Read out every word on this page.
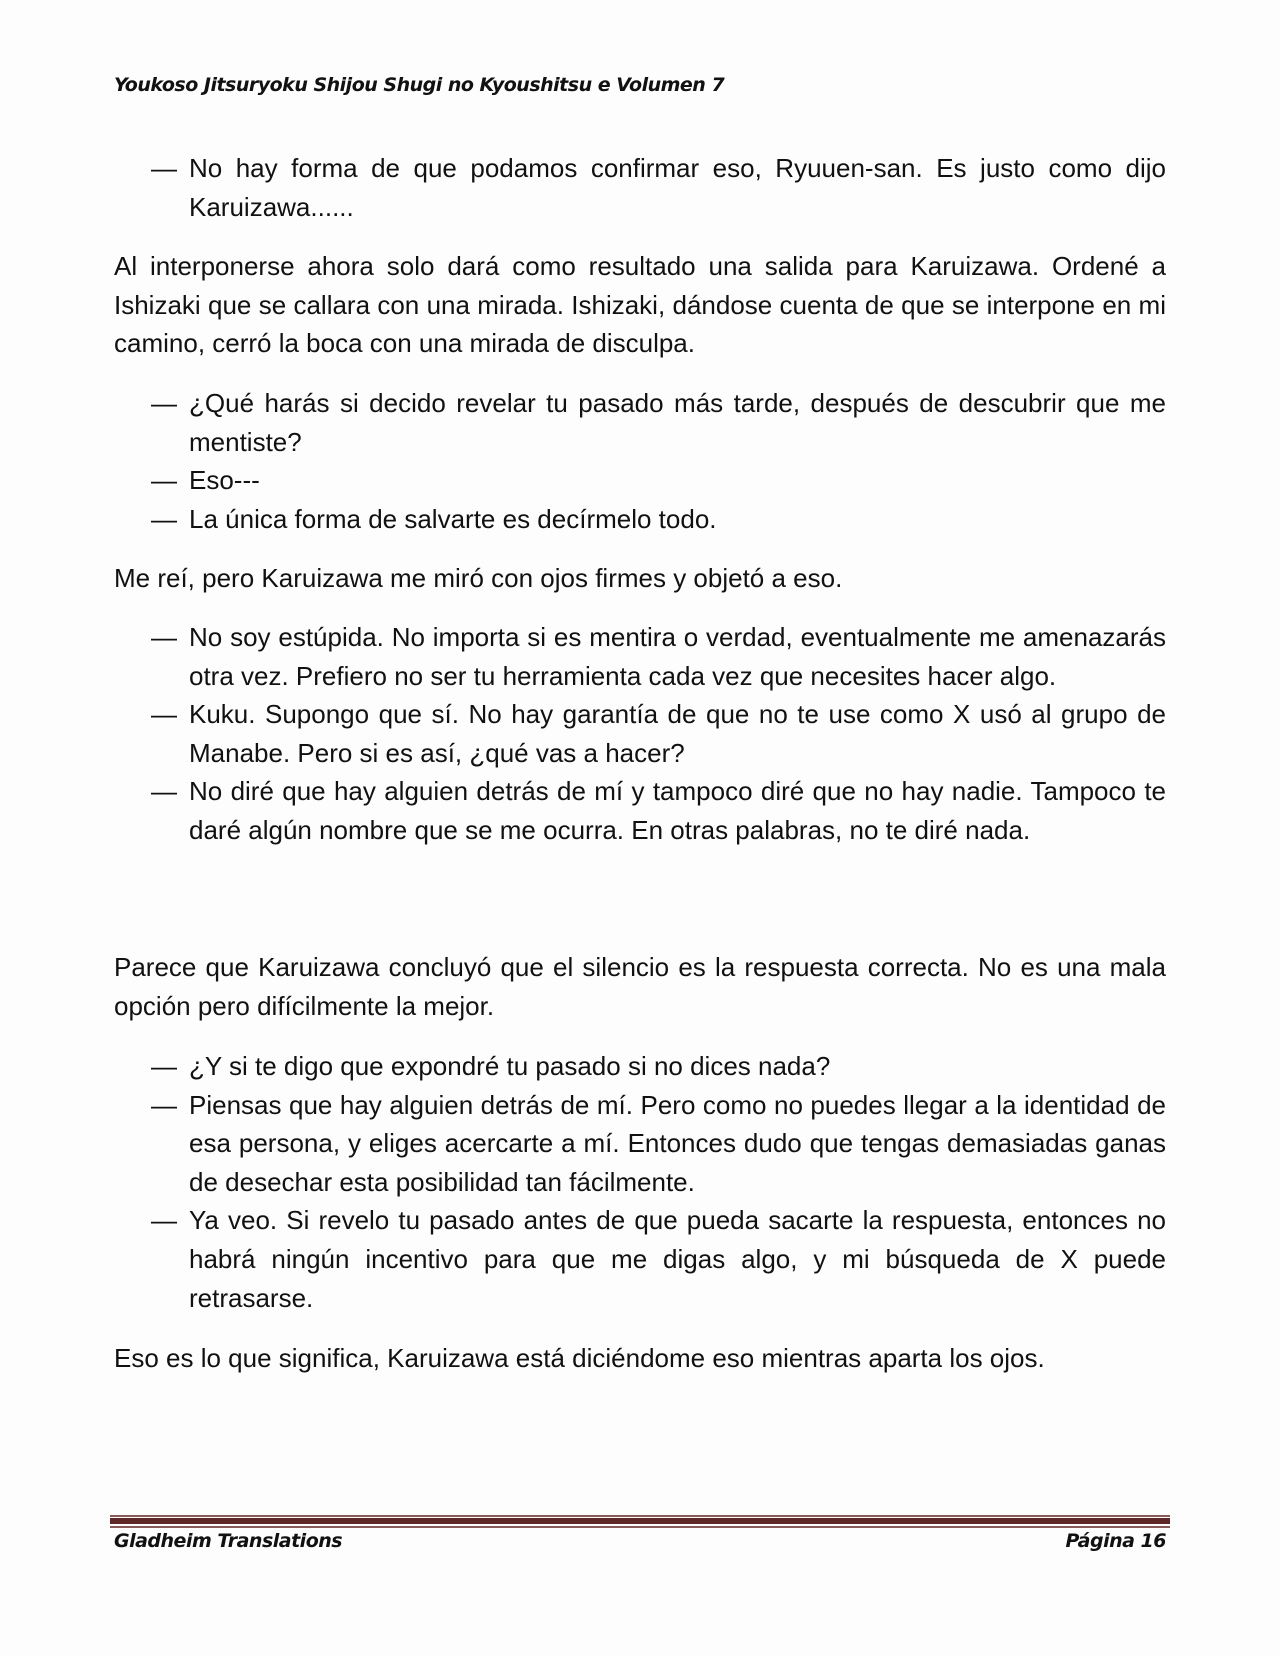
Youkoso Jitsuryoku Shijou Shugi no Kyoushitsu e Volumen 7

— No hay forma de que podamos confirmar eso, Ryuuen-san. Es justo como dijo Karuizawa......

Al interponerse ahora solo dará como resultado una salida para Karuizawa. Ordené a Ishizaki que se callara con una mirada. Ishizaki, dándose cuenta de que se interpone en mi camino, cerró la boca con una mirada de disculpa.

— ¿Qué harás si decido revelar tu pasado más tarde, después de descubrir que me mentiste?

— Eso---

— La única forma de salvarte es decírmelo todo.

Me reí, pero Karuizawa me miró con ojos firmes y objetó a eso.

— No soy estúpida. No importa si es mentira o verdad, eventualmente me amenazarás otra vez. Prefiero no ser tu herramienta cada vez que necesites hacer algo.

— Kuku. Supongo que sí. No hay garantía de que no te use como X usó al grupo de Manabe. Pero si es así, ¿qué vas a hacer?

— No diré que hay alguien detrás de mí y tampoco diré que no hay nadie. Tampoco te daré algún nombre que se me ocurra. En otras palabras, no te diré nada.

Parece que Karuizawa concluyó que el silencio es la respuesta correcta. No es una mala opción pero difícilmente la mejor.

— ¿Y si te digo que expondré tu pasado si no dices nada?

— Piensas que hay alguien detrás de mí. Pero como no puedes llegar a la identidad de esa persona, y eliges acercarte a mí. Entonces dudo que tengas demasiadas ganas de desechar esta posibilidad tan fácilmente.

— Ya veo. Si revelo tu pasado antes de que pueda sacarte la respuesta, entonces no habrá ningún incentivo para que me digas algo, y mi búsqueda de X puede retrasarse.

Eso es lo que significa, Karuizawa está diciéndome eso mientras aparta los ojos.

Gladheim Translations	Página 16
